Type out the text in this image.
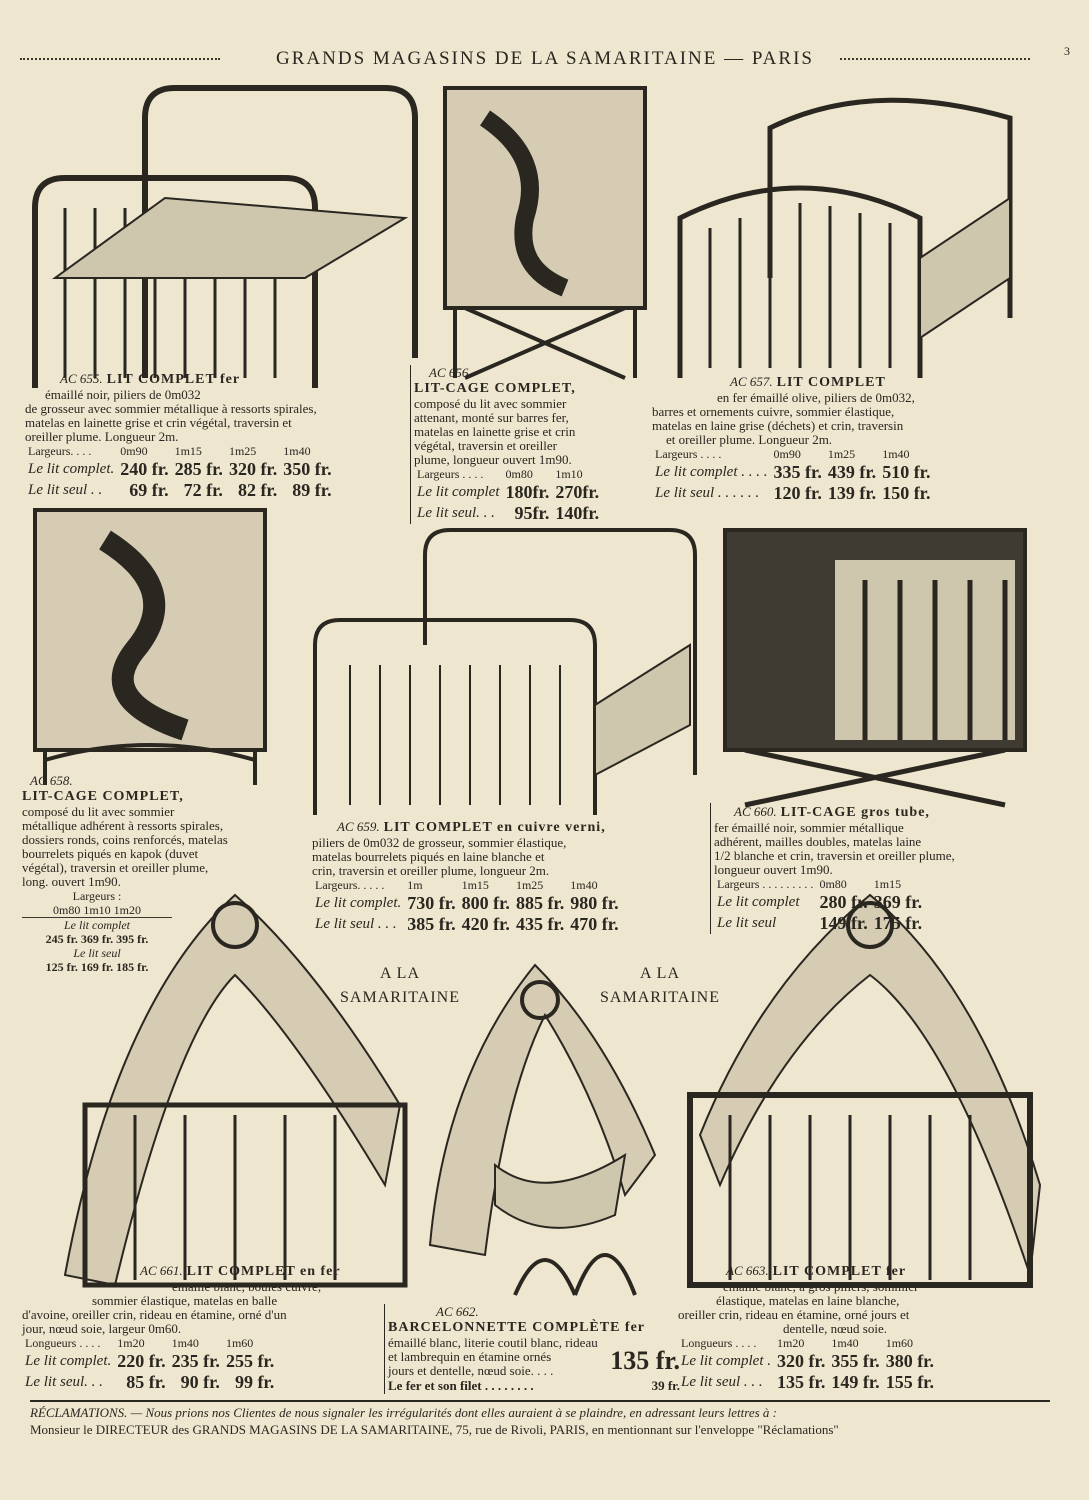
GRANDS MAGASINS DE LA SAMARITAINE — PARIS	3
AC 655. LIT COMPLET fer

émaillé noir, piliers de 0m032

de grosseur avec sommier métallique à ressorts spirales,

matelas en lainette grise et crin végétal, traversin et

oreiller plume. Longueur 2m.

Largeurs. . . .	0m90	1m15	1m25	1m40
Le lit complet.	240 fr.	285 fr.	320 fr.	350 fr.
Le lit seul . .	69 fr.	72 fr.	82 fr.	89 fr.
AC 656.
LIT-CAGE COMPLET,

composé du lit avec sommier

attenant, monté sur barres fer,

matelas en lainette grise et crin

végétal, traversin et oreiller

plume, longueur ouvert 1m90.

Largeurs . . . .	0m80	1m10
Le lit complet	180fr.	270fr.
Le lit seul. . .	95fr.	140fr.
AC 657. LIT COMPLET

en fer émaillé olive, piliers de 0m032,

barres et ornements cuivre, sommier élastique,

matelas en laine grise (déchets) et crin, traversin

et oreiller plume. Longueur 2m.

Largeurs . . . .	0m90	1m25	1m40
Le lit complet . . . .	335 fr.	439 fr.	510 fr.
Le lit seul . . . . . .	120 fr.	139 fr.	150 fr.
AC 658.
LIT-CAGE COMPLET,

composé du lit avec sommier

métallique adhérent à ressorts spirales,

dossiers ronds, coins renforcés, matelas

bourrelets piqués en kapok (duvet

végétal), traversin et oreiller plume,

long. ouvert 1m90.

Largeurs :
0m80 1m10 1m20
Le lit complet
245 fr. 369 fr. 395 fr.
Le lit seul
125 fr. 169 fr. 185 fr.
AC 659. LIT COMPLET en cuivre verni,

piliers de 0m032 de grosseur, sommier élastique,

matelas bourrelets piqués en laine blanche et

crin, traversin et oreiller plume, longueur 2m.

Largeurs. . . . .	1m	1m15	1m25	1m40
Le lit complet.	730 fr.	800 fr.	885 fr.	980 fr.
Le lit seul . . .	385 fr.	420 fr.	435 fr.	470 fr.
AC 660. LIT-CAGE gros tube,

fer émaillé noir, sommier métallique

adhérent, mailles doubles, matelas laine

1/2 blanche et crin, traversin et oreiller plume,

longueur ouvert 1m90.

Largeurs . . . . . . . . .	0m80	1m15
Le lit complet	280 fr.	369 fr.
Le lit seul	149 fr.	175 fr.
A LA
SAMARITAINE
A LA
SAMARITAINE
AC 661. LIT COMPLET en fer

émaillé blanc, boules cuivre,

sommier élastique, matelas en balle

d'avoine, oreiller crin, rideau en étamine, orné d'un

jour, nœud soie, largeur 0m60.

Longueurs . . . .	1m20	1m40	1m60
Le lit complet.	220 fr.	235 fr.	255 fr.
Le lit seul. . .	85 fr.	90 fr.	99 fr.
AC 662.
BARCELONNETTE COMPLÈTE fer

émaillé blanc, literie coutil blanc, rideau

et lambrequin en étamine ornés

jours et dentelle, nœud soie. . . .	135 fr.
Le fer et son filet . . . . . . . .	39 fr.
AC 663. LIT COMPLET fer

émaillé blanc, à gros piliers, sommier

élastique, matelas en laine blanche,

oreiller crin, rideau en étamine, orné jours et

dentelle, nœud soie.

Longueurs . . . .	1m20	1m40	1m60
Le lit complet .	320 fr.	355 fr.	380 fr.
Le lit seul . . .	135 fr.	149 fr.	155 fr.
RÉCLAMATIONS. — Nous prions nos Clientes de nous signaler les irrégularités dont elles auraient à se plaindre, en adressant leurs lettres à :
Monsieur le DIRECTEUR des GRANDS MAGASINS DE LA SAMARITAINE, 75, rue de Rivoli, PARIS, en mentionnant sur l'enveloppe "Réclamations"
